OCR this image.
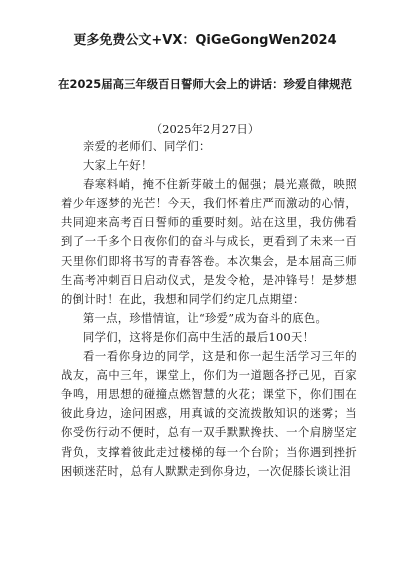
更多免费公文+VX：QiGeGongWen2024
在2025届高三年级百日誓师大会上的讲话：珍爱自律规范
（2025年2月27日）

亲爱的老师们、同学们：

大家上午好！

春寒料峭，掩不住新芽破土的倔强；晨光熹微，映照着少年逐梦的光芒！今天，我们怀着庄严而激动的心情，共同迎来高考百日誓师的重要时刻。站在这里，我仿佛看到了一千多个日夜你们的奋斗与成长，更看到了未来一百天里你们即将书写的青春答卷。本次集会，是本届高三师生高考冲刺百日启动仪式，是发令枪，是冲锋号！是梦想的倒计时！在此，我想和同学们约定几点期望：

第一点，珍惜情谊，让“珍爱”成为奋斗的底色。

同学们，这将是你们高中生活的最后100天！

看一看你身边的同学，这是和你一起生活学习三年的战友，高中三年，课堂上，你们为一道题各抒己见，百家争鸣，用思想的碰撞点燃智慧的火花；课堂下，你们围在彼此身边，途问困惑，用真诚的交流拨散知识的迷雾；当你受伤行动不便时，总有一双手默默搀扶、一个肩膀坚定背负，支撑着彼此走过楼梯的每一个台阶；当你遇到挫折困顿迷茫时，总有人默默走到你身边，一次促膝长谈让泪
